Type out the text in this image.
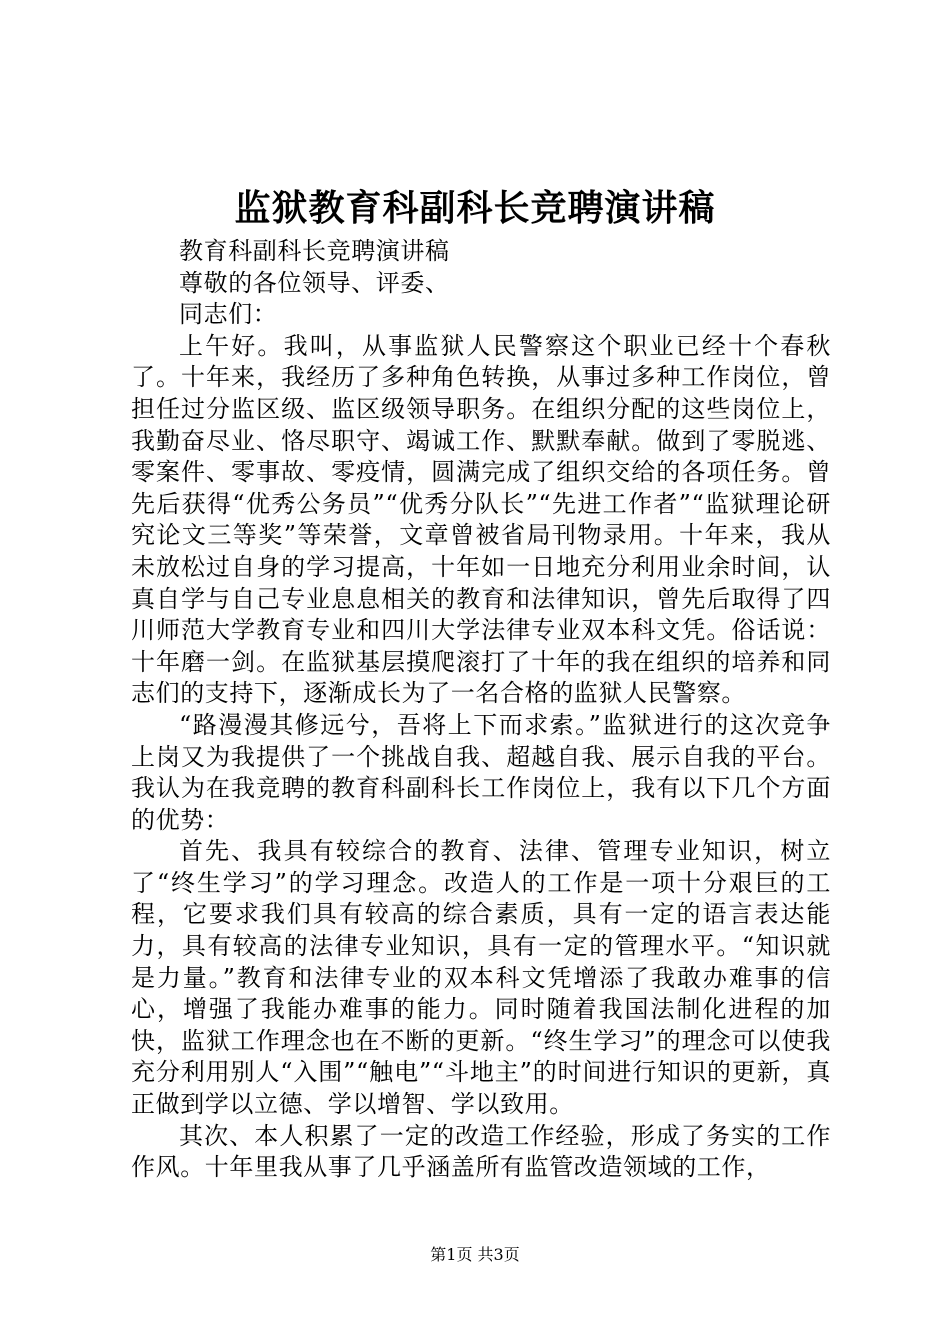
监狱教育科副科长竞聘演讲稿

教育科副科长竞聘演讲稿

尊敬的各位领导、评委、

同志们：

上午好。我叫，从事监狱人民警察这个职业已经十个春秋了。十年来，我经历了多种角色转换，从事过多种工作岗位，曾担任过分监区级、监区级领导职务。在组织分配的这些岗位上，我勤奋尽业、恪尽职守、竭诚工作、默默奉献。做到了零脱逃、零案件、零事故、零疫情，圆满完成了组织交给的各项任务。曾先后获得“优秀公务员”“优秀分队长”“先进工作者”“监狱理论研究论文三等奖”等荣誉，文章曾被省局刊物录用。十年来，我从未放松过自身的学习提高，十年如一日地充分利用业余时间，认真自学与自己专业息息相关的教育和法律知识，曾先后取得了四川师范大学教育专业和四川大学法律专业双本科文凭。俗话说：十年磨一剑。在监狱基层摸爬滚打了十年的我在组织的培养和同志们的支持下，逐渐成长为了一名合格的监狱人民警察。

“路漫漫其修远兮，吾将上下而求索。”监狱进行的这次竞争上岗又为我提供了一个挑战自我、超越自我、展示自我的平台。我认为在我竞聘的教育科副科长工作岗位上，我有以下几个方面的优势：

首先、我具有较综合的教育、法律、管理专业知识，树立了“终生学习”的学习理念。改造人的工作是一项十分艰巨的工程，它要求我们具有较高的综合素质，具有一定的语言表达能力，具有较高的法律专业知识，具有一定的管理水平。“知识就是力量。”教育和法律专业的双本科文凭增添了我敢办难事的信心，增强了我能办难事的能力。同时随着我国法制化进程的加快，监狱工作理念也在不断的更新。“终生学习”的理念可以使我充分利用别人“入围”“触电”“斗地主”的时间进行知识的更新，真正做到学以立德、学以增智、学以致用。

其次、本人积累了一定的改造工作经验，形成了务实的工作作风。十年里我从事了几乎涵盖所有监管改造领域的工作，

第1页 共3页
